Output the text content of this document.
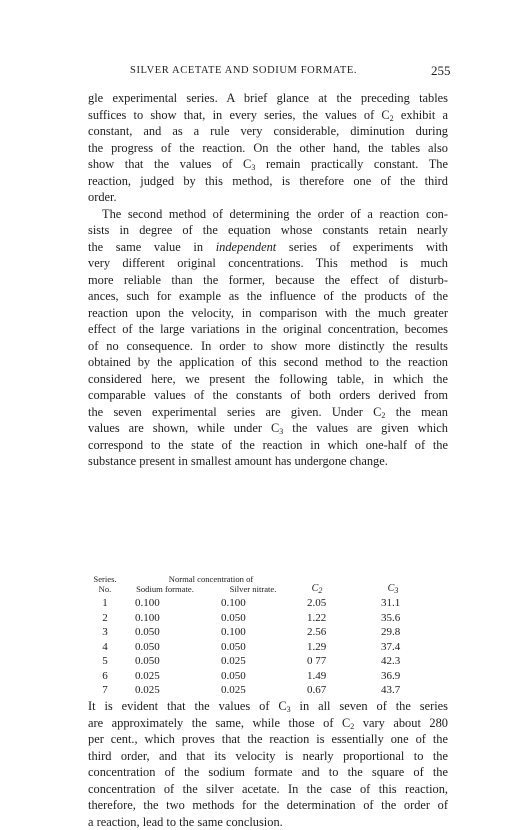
SILVER ACETATE AND SODIUM FORMATE.	255
gle experimental series. A brief glance at the preceding tables
suffices to show that, in every series, the values of $C_2$ exhibit a
constant, and as a rule very considerable, diminution during
the progress of the reaction. On the other hand, the tables also
show that the values of $C_3$ remain practically constant. The
reaction, judged by this method, is therefore one of the third
order.
The second method of determining the order of a reaction con-
sists in degree of the equation whose constants retain nearly
the same value in independent series of experiments with
very different original concentrations. This method is much
more reliable than the former, because the effect of disturb-
ances, such for example as the influence of the products of the
reaction upon the velocity, in comparison with the much greater
effect of the large variations in the original concentration, becomes
of no consequence. In order to show more distinctly the results
obtained by the application of this second method to the reaction
considered here, we present the following table, in which the
comparable values of the constants of both orders derived from
the seven experimental series are given. Under $C_2$ the mean
values are shown, while under $C_3$ the values are given which
correspond to the state of the reaction in which one-half of the
substance present in smallest amount has undergone change.
Series.
No.
Normal concentration of
Sodium formate.	Silver nitrate.	$C_2$	$C_3$
1	0.100	0.100	2.05	31.1
2	0.100	0.050	1.22	35.6
3	0.050	0.100	2.56	29.8
4	0.050	0.050	1.29	37.4
5	0.050	0.025	0 77	42.3
6	0.025	0.050	1.49	36.9
7	0.025	0.025	0.67	43.7
It is evident that the values of $C_3$ in all seven of the series
are approximately the same, while those of $C_2$ vary about 280
per cent., which proves that the reaction is essentially one of the
third order, and that its velocity is nearly proportional to the
concentration of the sodium formate and to the square of the
concentration of the silver acetate. In the case of this reaction,
therefore, the two methods for the determination of the order of
a reaction, lead to the same conclusion.
